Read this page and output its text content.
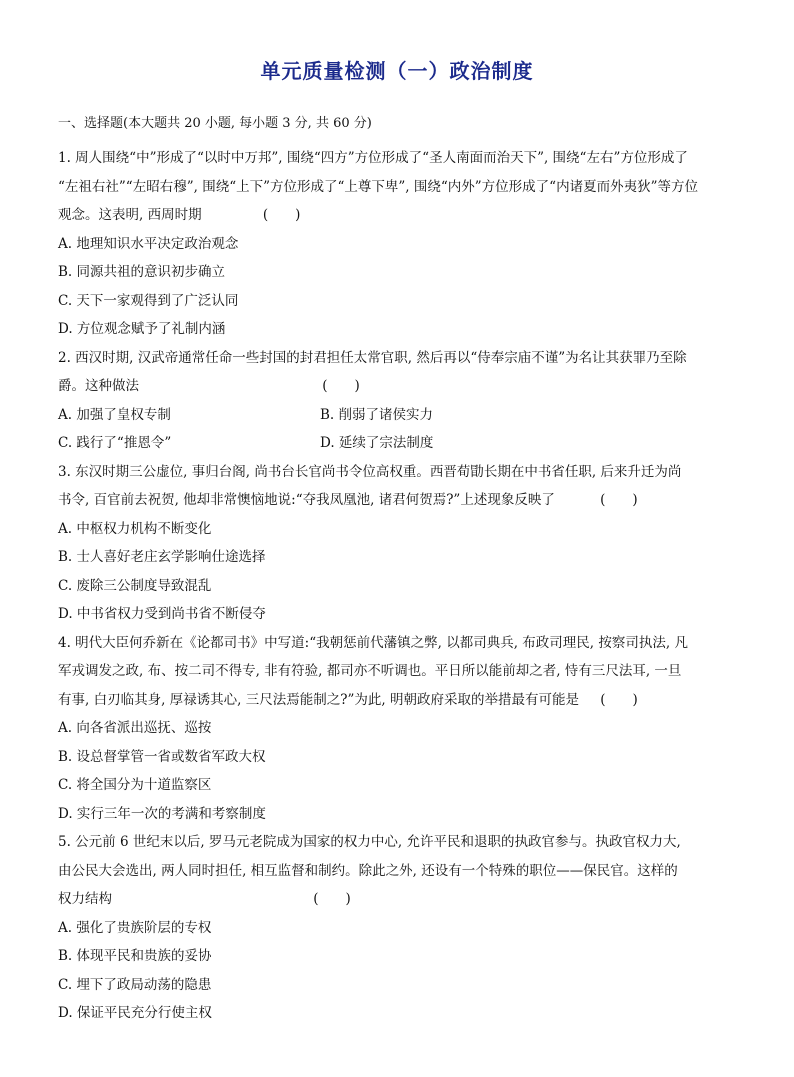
单元质量检测（一）政治制度
一、选择题(本大题共 20 小题, 每小题 3 分, 共 60 分)
1. 周人围绕“中”形成了“以时中万邦”, 围绕“四方”方位形成了“圣人南面而治天下”, 围绕“左右”方位形成了
“左祖右社”“左昭右穆”, 围绕“上下”方位形成了“上尊下卑”, 围绕“内外”方位形成了“内诸夏而外夷狄”等方位
观念。这表明, 西周时期	(　　)
A. 地理知识水平决定政治观念
B. 同源共祖的意识初步确立
C. 天下一家观得到了广泛认同
D. 方位观念赋予了礼制内涵
2. 西汉时期, 汉武帝通常任命一些封国的封君担任太常官职, 然后再以“侍奉宗庙不谨”为名让其获罪乃至除
爵。这种做法	(　　)
A. 加强了皇权专制	B. 削弱了诸侯实力
C. 践行了“推恩令”	D. 延续了宗法制度
3. 东汉时期三公虚位, 事归台阁, 尚书台长官尚书令位高权重。西晋荀勖长期在中书省任职, 后来升迁为尚
书令, 百官前去祝贺, 他却非常懊恼地说:“夺我凤凰池, 诸君何贺焉?”上述现象反映了	(　　)
A. 中枢权力机构不断变化
B. 士人喜好老庄玄学影响仕途选择
C. 废除三公制度导致混乱
D. 中书省权力受到尚书省不断侵夺
4. 明代大臣何乔新在《论都司书》中写道:“我朝惩前代藩镇之弊, 以都司典兵, 布政司理民, 按察司执法, 凡
军戎调发之政, 布、按二司不得专, 非有符验, 都司亦不听调也。平日所以能前却之者, 恃有三尺法耳, 一旦
有事, 白刃临其身, 厚禄诱其心, 三尺法焉能制之?”为此, 明朝政府采取的举措最有可能是 (　　)
A. 向各省派出巡抚、巡按
B. 设总督掌管一省或数省军政大权
C. 将全国分为十道监察区
D. 实行三年一次的考满和考察制度
5. 公元前 6 世纪末以后, 罗马元老院成为国家的权力中心, 允许平民和退职的执政官参与。执政官权力大,
由公民大会选出, 两人同时担任, 相互监督和制约。除此之外, 还设有一个特殊的职位——保民官。这样的
权力结构	(　　)
A. 强化了贵族阶层的专权
B. 体现平民和贵族的妥协
C. 埋下了政局动荡的隐患
D. 保证平民充分行使主权
